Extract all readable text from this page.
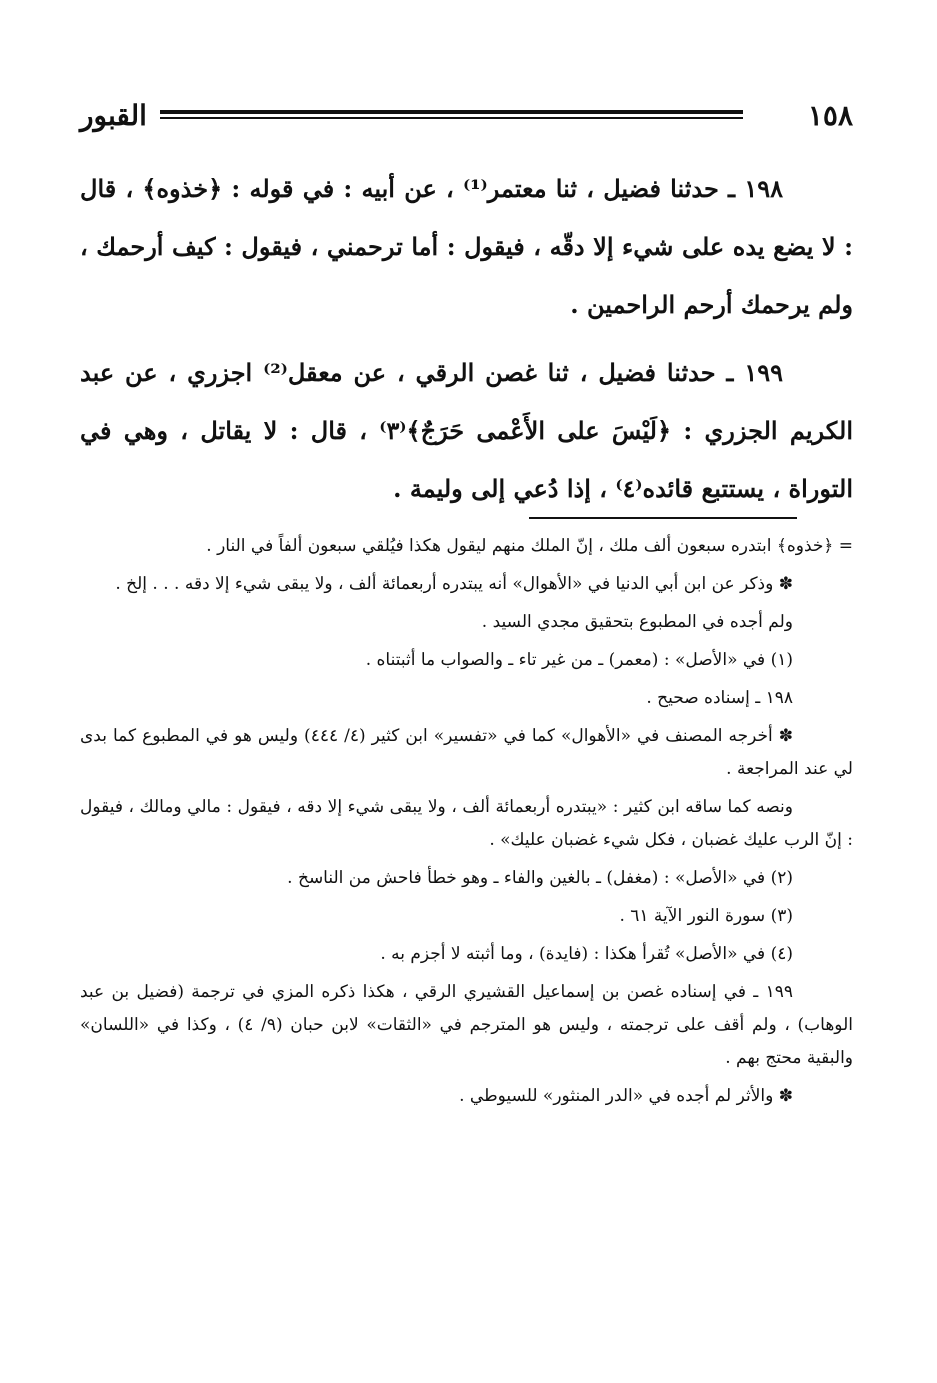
١٥٨
القبور

١٩٨ ـ حدثنا فضيل ، ثنا معتمر⁽¹⁾ ، عن أبيه : في قوله : ﴿خذوه﴾ ، قال : لا يضع يده على شيء إلا دقّه ، فيقول : أما ترحمني ، فيقول : كيف أرحمك ، ولم يرحمك أرحم الراحمين .

١٩٩ ـ حدثنا فضيل ، ثنا غصن الرقي ، عن معقل⁽²⁾ اجزري ، عن عبد الكريم الجزري : ﴿لَيْسَ على الأَعْمى حَرَجٌ﴾⁽٣⁾ ، قال : لا يقاتل ، وهي في التوراة ، يستتبع قائده⁽٤⁾ ، إذا دُعي إلى وليمة .

= ﴿خذوه﴾ ابتدره سبعون ألف ملك ، إنّ الملك منهم ليقول هكذا فيُلقي سبعون ألفاً في النار .

✽ وذكر عن ابن أبي الدنيا في «الأهوال» أنه يبتدره أربعمائة ألف ، ولا يبقى شيء إلا دقه . . . إلخ .

ولم أجده في المطبوع بتحقيق مجدي السيد .

(١) في «الأصل» : (معمر) ـ من غير تاء ـ والصواب ما أثبتناه .

١٩٨ ـ إسناده صحيح .

✽ أخرجه المصنف في «الأهوال» كما في «تفسير» ابن كثير (٤/ ٤٤٤) وليس هو في المطبوع كما بدى لي عند المراجعة .

ونصه كما ساقه ابن كثير : «يبتدره أربعمائة ألف ، ولا يبقى شيء إلا دقه ، فيقول : مالي ومالك ، فيقول : إنّ الرب عليك غضبان ، فكل شيء غضبان عليك» .

(٢) في «الأصل» : (مغفل) ـ بالغين والفاء ـ وهو خطأ فاحش من الناسخ .

(٣) سورة النور الآية ٦١ .

(٤) في «الأصل» تُقرأ هكذا : (فايدة) ، وما أثبته لا أجزم به .

١٩٩ ـ في إسناده غصن بن إسماعيل القشيري الرقي ، هكذا ذكره المزي في ترجمة (فضيل بن عبد الوهاب) ، ولم أقف على ترجمته ، وليس هو المترجم في «الثقات» لابن حبان (٩/ ٤) ، وكذا في «اللسان» والبقية محتج بهم .

✽ والأثر لم أجده في «الدر المنثور» للسيوطي .
